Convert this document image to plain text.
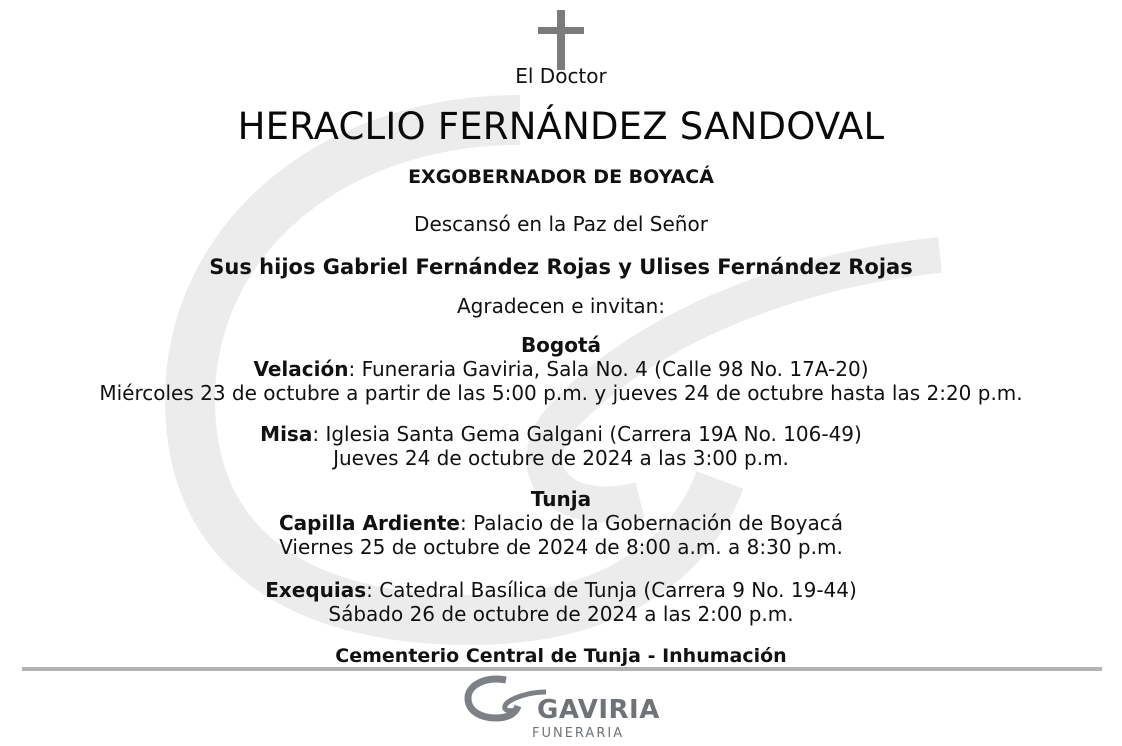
El Doctor
HERACLIO FERNÁNDEZ SANDOVAL
EXGOBERNADOR DE BOYACÁ
Descansó en la Paz del Señor
Sus hijos Gabriel Fernández Rojas y Ulises Fernández Rojas
Agradecen e invitan:
Bogotá
Velación: Funeraria Gaviria, Sala No. 4 (Calle 98 No. 17A-20)
Miércoles 23 de octubre a partir de las 5:00 p.m. y jueves 24 de octubre hasta las 2:20 p.m.
Misa: Iglesia Santa Gema Galgani (Carrera 19A No. 106-49)
Jueves 24 de octubre de 2024 a las 3:00 p.m.
Tunja
Capilla Ardiente: Palacio de la Gobernación de Boyacá
Viernes 25 de octubre de 2024 de 8:00 a.m. a 8:30 p.m.
Exequias: Catedral Basílica de Tunja (Carrera 9 No. 19-44)
Sábado 26 de octubre de 2024 a las 2:00 p.m.
Cementerio Central de Tunja - Inhumación
GAVIRIA
FUNERARIA
